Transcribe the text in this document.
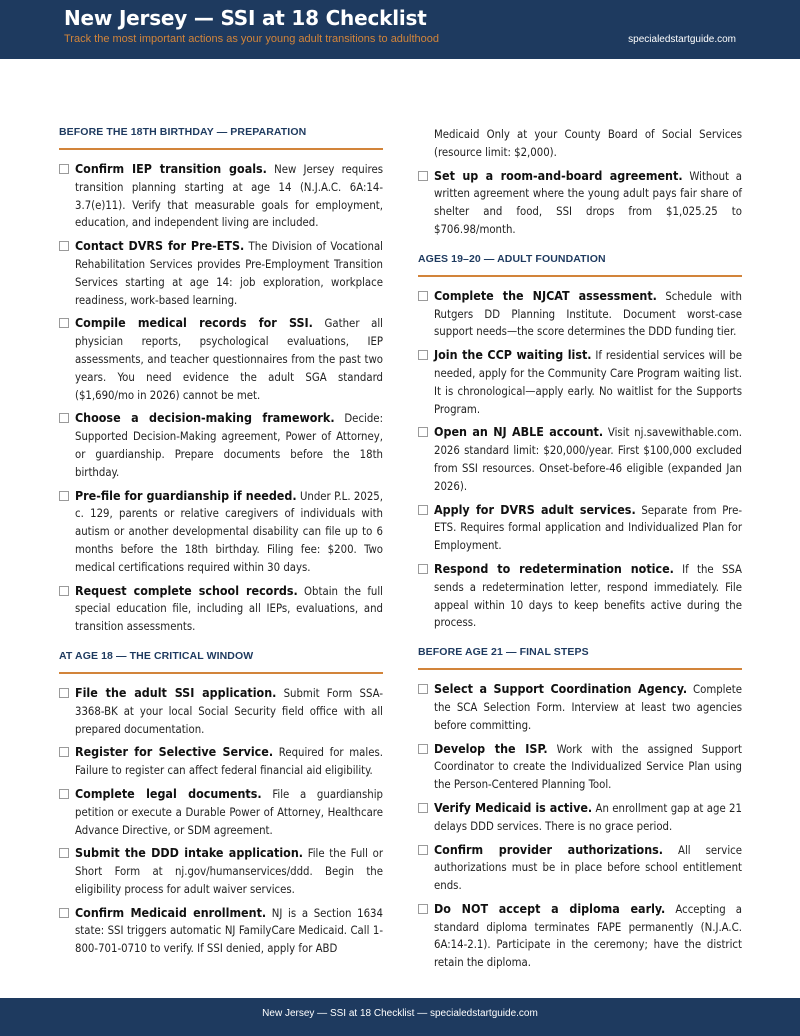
New Jersey — SSI at 18 Checklist
Track the most important actions as your young adult transitions to adulthood	specialedstartguide.com
BEFORE THE 18TH BIRTHDAY — PREPARATION
Confirm IEP transition goals. New Jersey requires transition planning starting at age 14 (N.J.A.C. 6A:14-3.7(e)11). Verify that measurable goals for employment, education, and independent living are included.
Contact DVRS for Pre-ETS. The Division of Vocational Rehabilitation Services provides Pre-Employment Transition Services starting at age 14: job exploration, workplace readiness, work-based learning.
Compile medical records for SSI. Gather all physician reports, psychological evaluations, IEP assessments, and teacher questionnaires from the past two years. You need evidence the adult SGA standard ($1,690/mo in 2026) cannot be met.
Choose a decision-making framework. Decide: Supported Decision-Making agreement, Power of Attorney, or guardianship. Prepare documents before the 18th birthday.
Pre-file for guardianship if needed. Under P.L. 2025, c. 129, parents or relative caregivers of individuals with autism or another developmental disability can file up to 6 months before the 18th birthday. Filing fee: $200. Two medical certifications required within 30 days.
Request complete school records. Obtain the full special education file, including all IEPs, evaluations, and transition assessments.
AT AGE 18 — THE CRITICAL WINDOW
File the adult SSI application. Submit Form SSA-3368-BK at your local Social Security field office with all prepared documentation.
Register for Selective Service. Required for males. Failure to register can affect federal financial aid eligibility.
Complete legal documents. File a guardianship petition or execute a Durable Power of Attorney, Healthcare Advance Directive, or SDM agreement.
Submit the DDD intake application. File the Full or Short Form at nj.gov/humanservices/ddd. Begin the eligibility process for adult waiver services.
Confirm Medicaid enrollment. NJ is a Section 1634 state: SSI triggers automatic NJ FamilyCare Medicaid. Call 1-800-701-0710 to verify. If SSI denied, apply for ABD
Medicaid Only at your County Board of Social Services (resource limit: $2,000).
Set up a room-and-board agreement. Without a written agreement where the young adult pays fair share of shelter and food, SSI drops from $1,025.25 to $706.98/month.
AGES 19–20 — ADULT FOUNDATION
Complete the NJCAT assessment. Schedule with Rutgers DD Planning Institute. Document worst-case support needs—the score determines the DDD funding tier.
Join the CCP waiting list. If residential services will be needed, apply for the Community Care Program waiting list. It is chronological—apply early. No waitlist for the Supports Program.
Open an NJ ABLE account. Visit nj.savewithable.com. 2026 standard limit: $20,000/year. First $100,000 excluded from SSI resources. Onset-before-46 eligible (expanded Jan 2026).
Apply for DVRS adult services. Separate from Pre-ETS. Requires formal application and Individualized Plan for Employment.
Respond to redetermination notice. If the SSA sends a redetermination letter, respond immediately. File appeal within 10 days to keep benefits active during the process.
BEFORE AGE 21 — FINAL STEPS
Select a Support Coordination Agency. Complete the SCA Selection Form. Interview at least two agencies before committing.
Develop the ISP. Work with the assigned Support Coordinator to create the Individualized Service Plan using the Person-Centered Planning Tool.
Verify Medicaid is active. An enrollment gap at age 21 delays DDD services. There is no grace period.
Confirm provider authorizations. All service authorizations must be in place before school entitlement ends.
Do NOT accept a diploma early. Accepting a standard diploma terminates FAPE permanently (N.J.A.C. 6A:14-2.1). Participate in the ceremony; have the district retain the diploma.
New Jersey — SSI at 18 Checklist — specialedstartguide.com
